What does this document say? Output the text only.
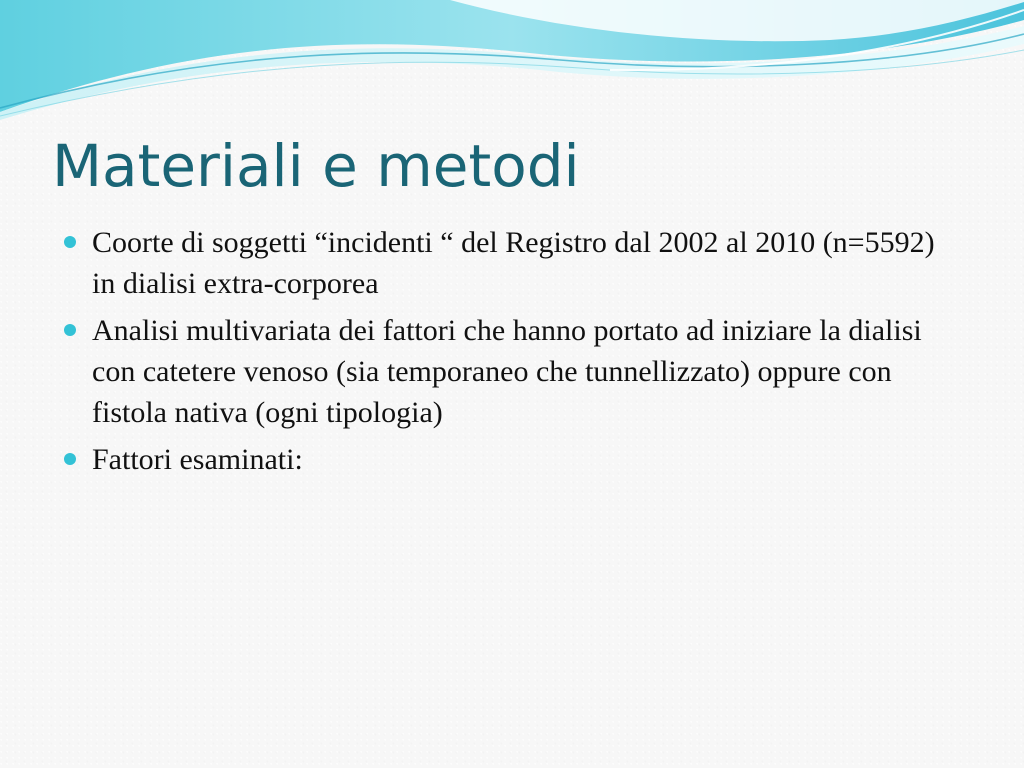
Materiali e metodi
Coorte di soggetti “incidenti “ del Registro dal 2002 al 2010 (n=5592) in dialisi extra-corporea
Analisi multivariata dei fattori che hanno portato ad iniziare la dialisi con catetere venoso (sia temporaneo che tunnellizzato) oppure con fistola nativa (ogni tipologia)
Fattori esaminati:
